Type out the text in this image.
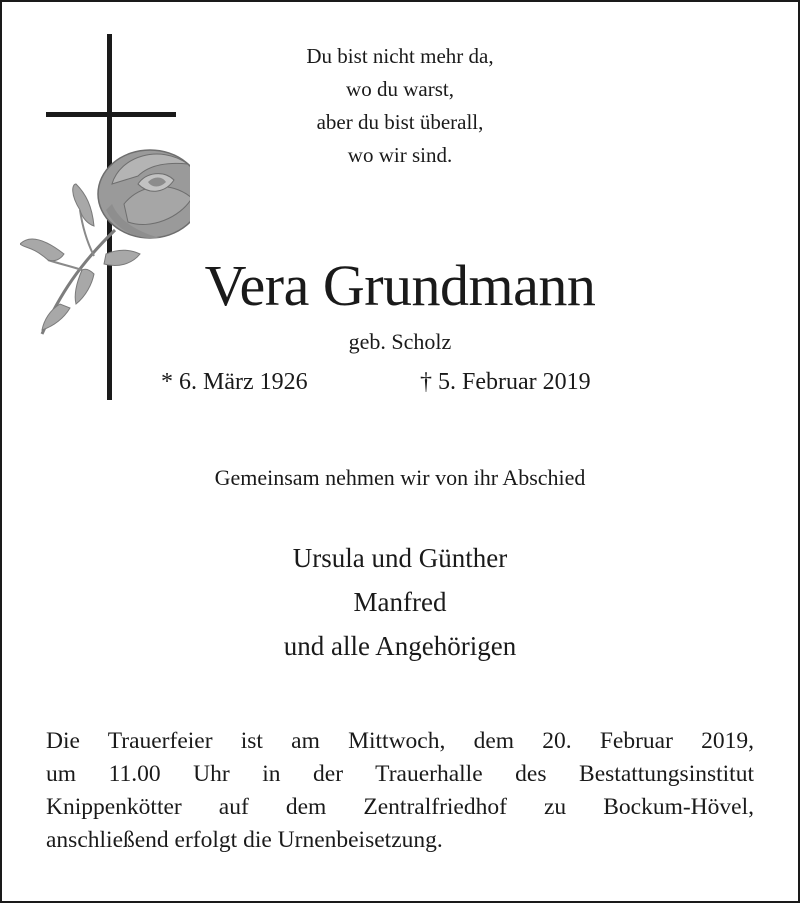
Du bist nicht mehr da,
wo du warst,
aber du bist überall,
wo wir sind.
Vera Grundmann
geb. Scholz
* 6. März 1926	† 5. Februar 2019
Gemeinsam nehmen wir von ihr Abschied
Ursula und Günther
Manfred
und alle Angehörigen
Die Trauerfeier ist am Mittwoch, dem 20. Februar 2019,
um 11.00 Uhr in der Trauerhalle des Bestattungsinstitut
Knippenkötter auf dem Zentralfriedhof zu Bockum-Hövel,
anschließend erfolgt die Urnenbeisetzung.
